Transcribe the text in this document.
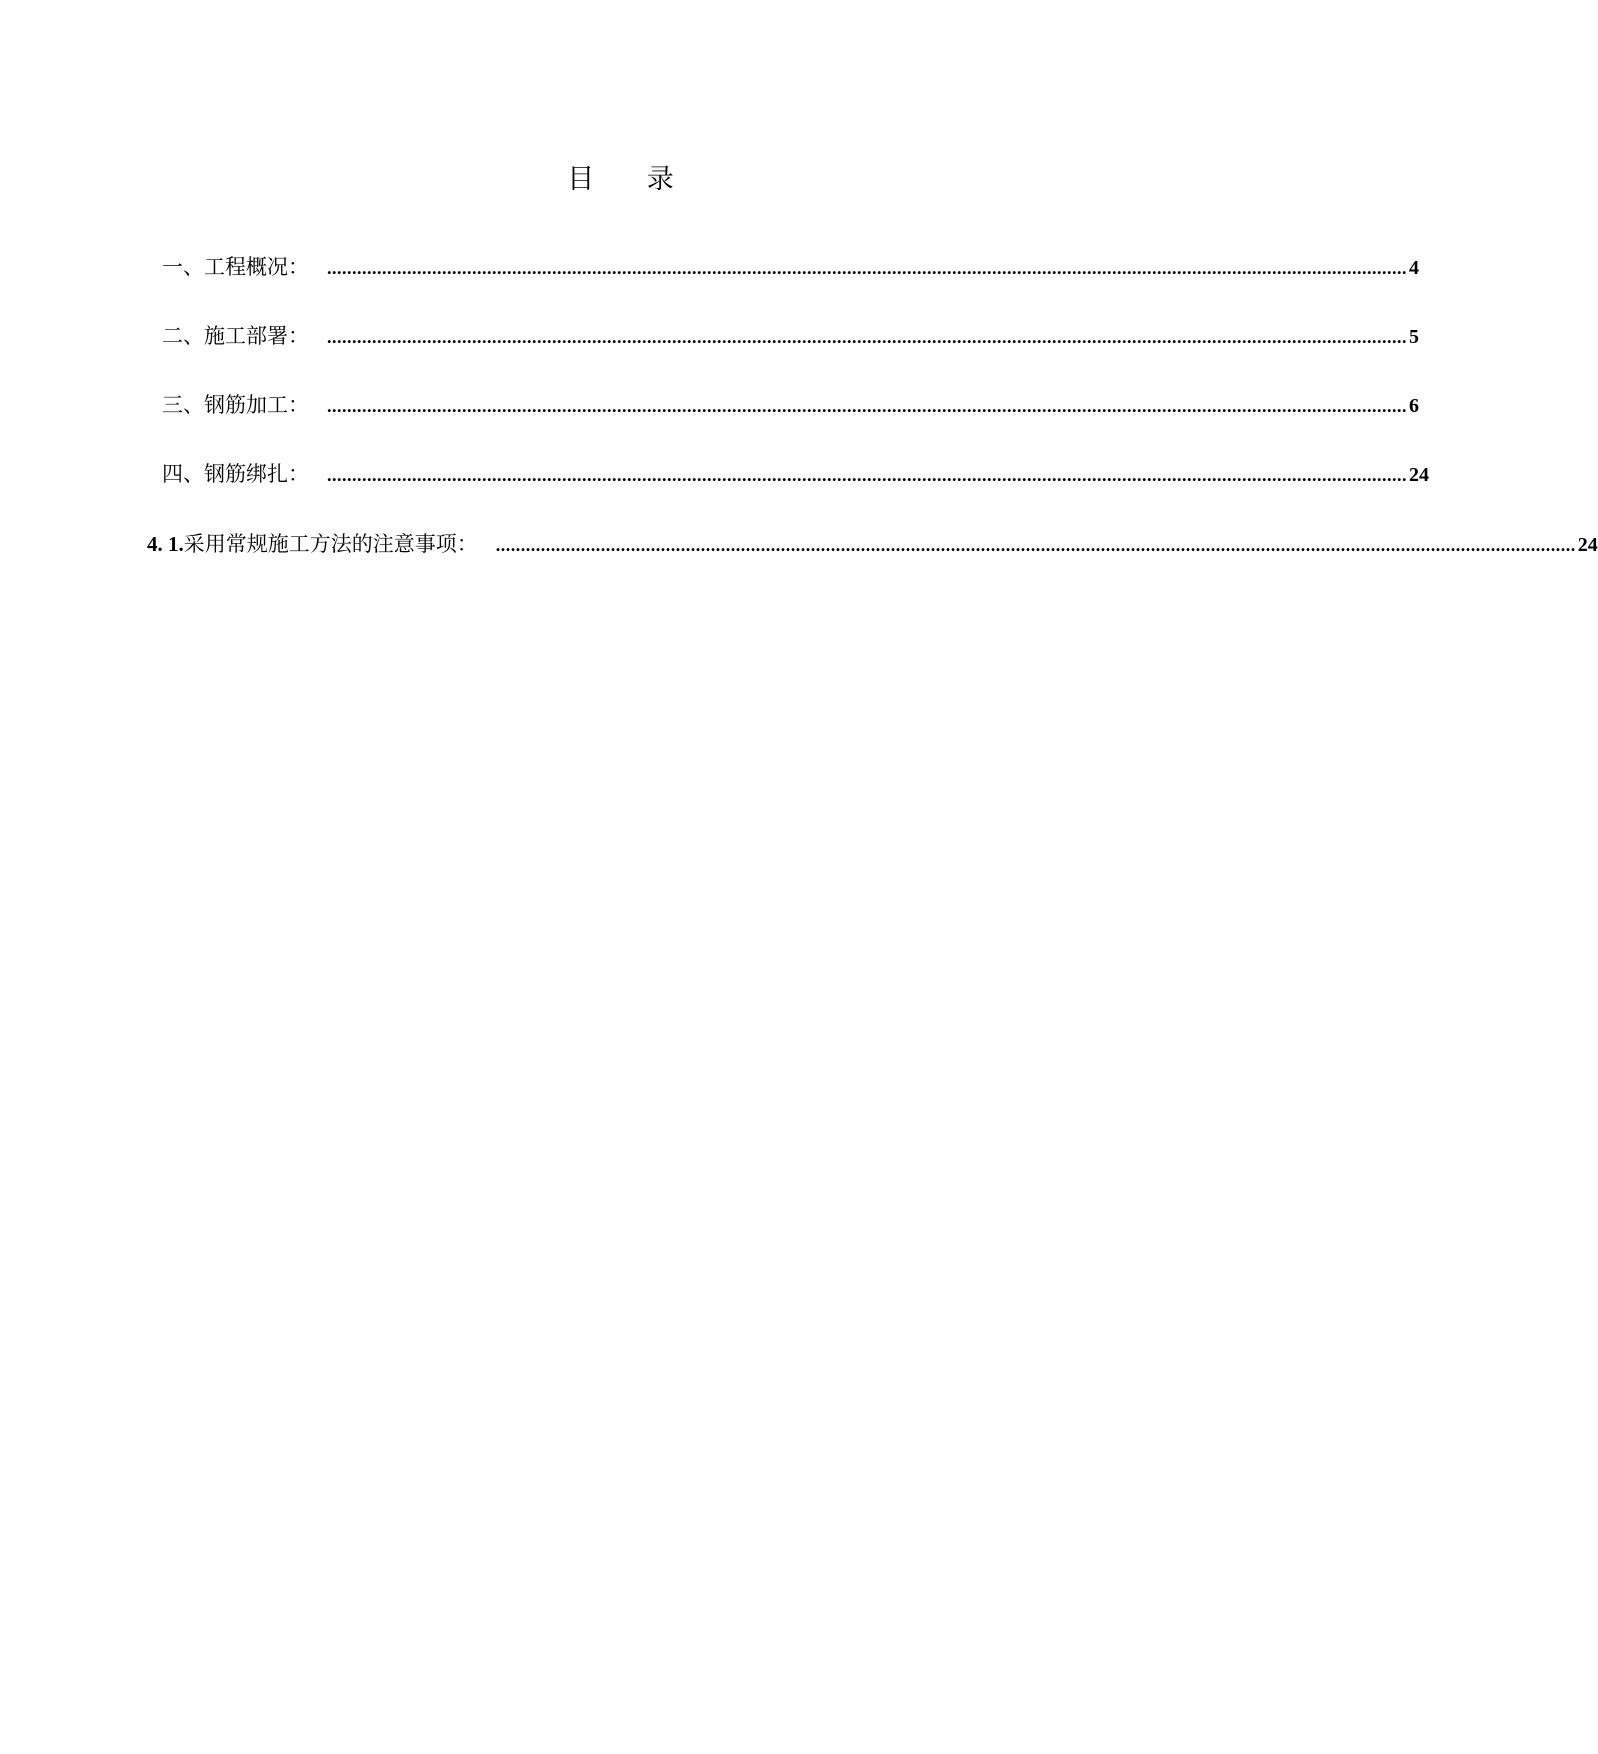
目 录
一、工程概况： ........................................................................................................................................................................................................................ 4
二、施工部署： ........................................................................................................................................................................................................................ 5
三、钢筋加工： ........................................................................................................................................................................................................................ 6
四、钢筋绑扎： ........................................................................................................................................................................................................................ 24
4. 1.采用常规施工方法的注意事项： ........................................................................................................................................................................................................................ 24
